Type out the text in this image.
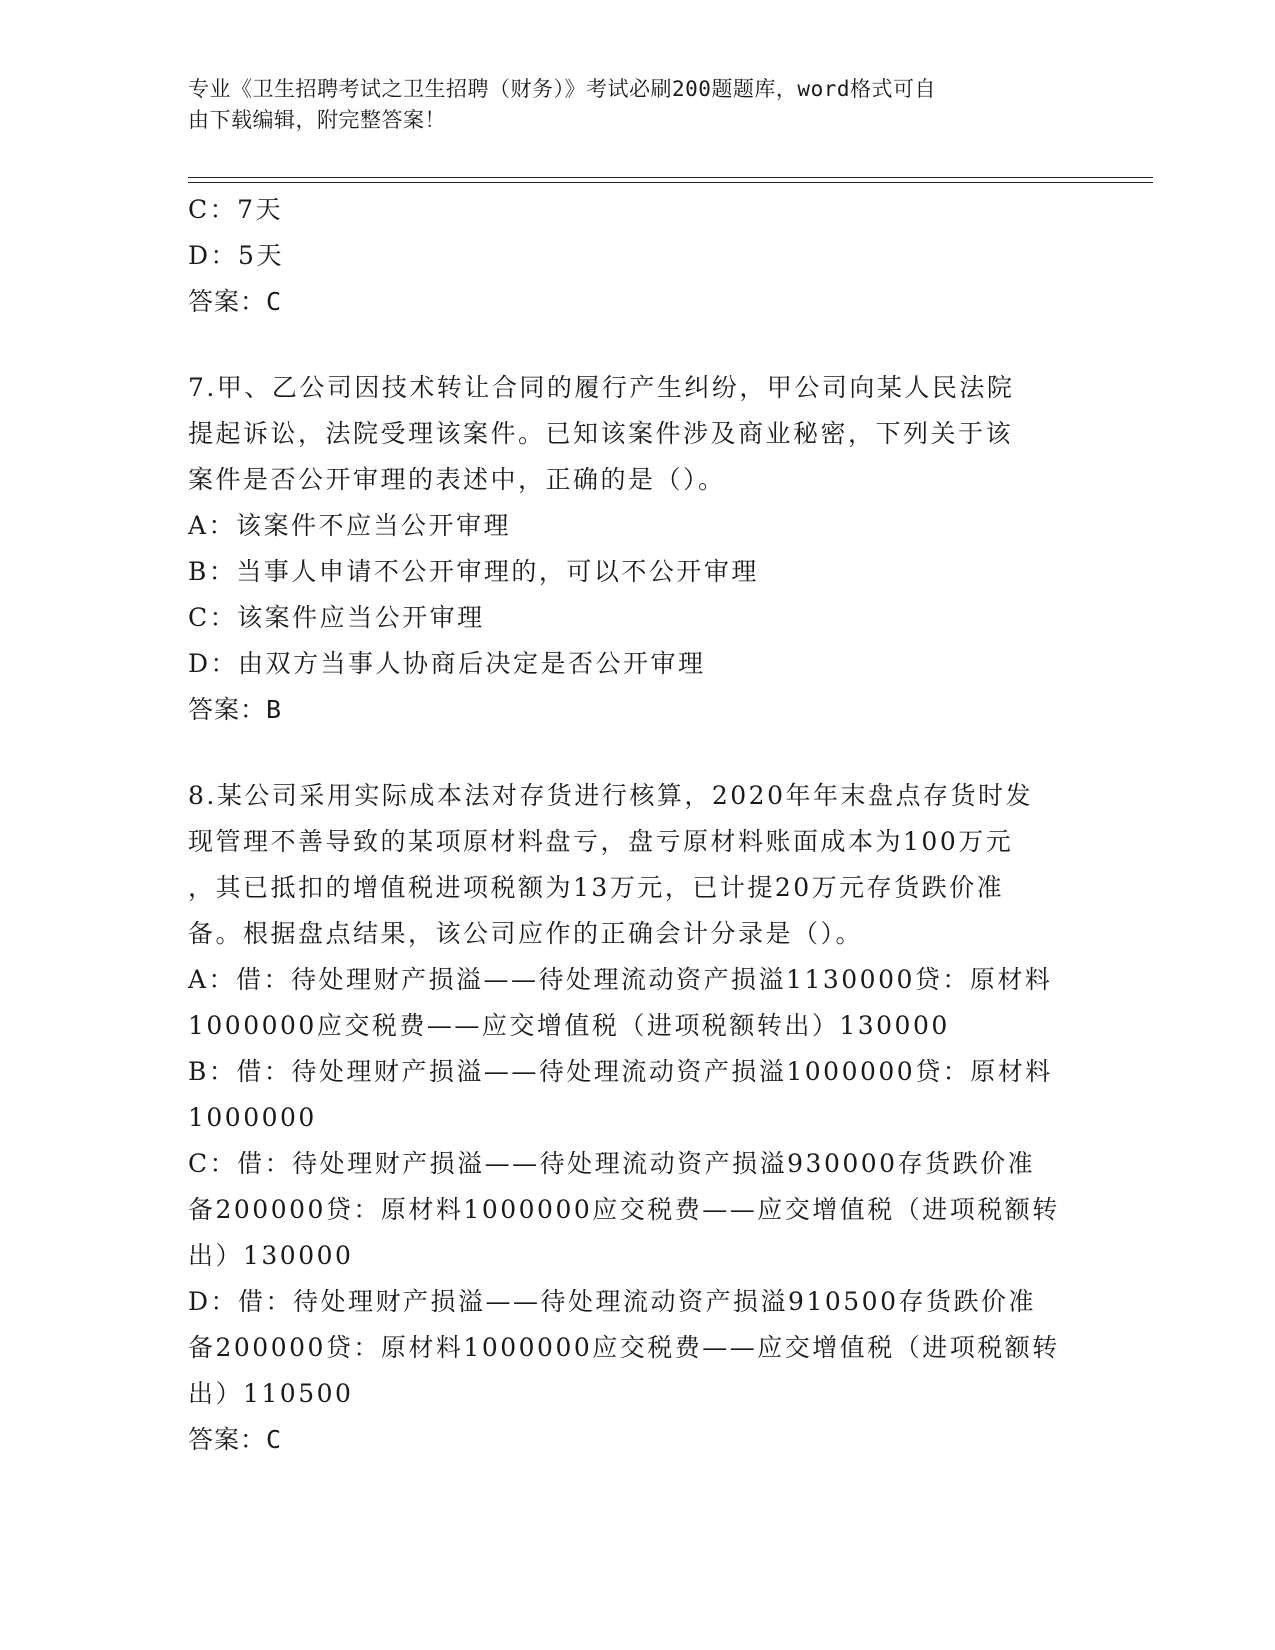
专业《卫生招聘考试之卫生招聘（财务）》考试必刷200题题库，word格式可自
由下载编辑，附完整答案！
C：7天
D：5天
答案：C
7.甲、乙公司因技术转让合同的履行产生纠纷，甲公司向某人民法院
提起诉讼，法院受理该案件。已知该案件涉及商业秘密，下列关于该
案件是否公开审理的表述中，正确的是（）。
A：该案件不应当公开审理
B：当事人申请不公开审理的，可以不公开审理
C：该案件应当公开审理
D：由双方当事人协商后决定是否公开审理
答案：B
8.某公司采用实际成本法对存货进行核算，2020年年末盘点存货时发
现管理不善导致的某项原材料盘亏，盘亏原材料账面成本为100万元
，其已抵扣的增值税进项税额为13万元，已计提20万元存货跌价准
备。根据盘点结果，该公司应作的正确会计分录是（）。
A：借：待处理财产损溢——待处理流动资产损溢1130000贷：原材料
1000000应交税费——应交增值税（进项税额转出）130000
B：借：待处理财产损溢——待处理流动资产损溢1000000贷：原材料
1000000
C：借：待处理财产损溢——待处理流动资产损溢930000存货跌价准
备200000贷：原材料1000000应交税费——应交增值税（进项税额转
出）130000
D：借：待处理财产损溢——待处理流动资产损溢910500存货跌价准
备200000贷：原材料1000000应交税费——应交增值税（进项税额转
出）110500
答案：C
